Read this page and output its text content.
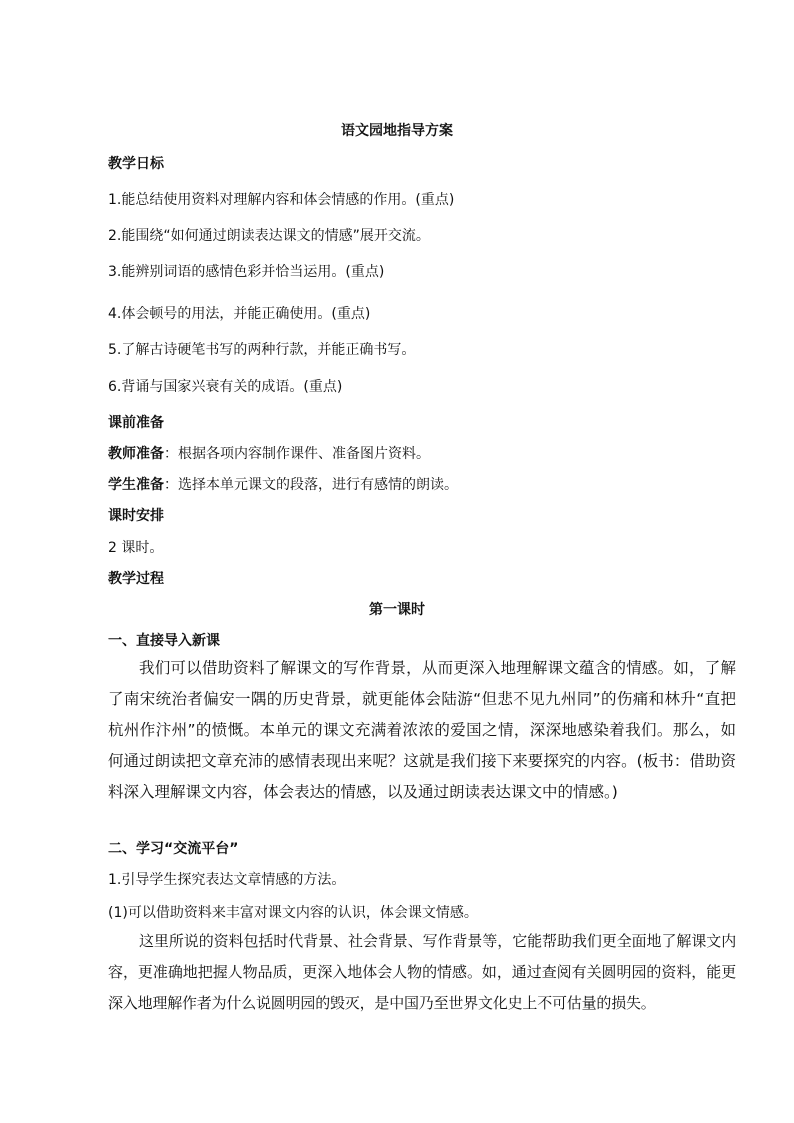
语文园地指导方案
教学日标
1.能总结使用资料对理解内容和体会情感的作用。(重点)
2.能围绕“如何通过朗读表达课文的情感”展开交流。
3.能辨别词语的感情色彩并恰当运用。(重点)
4.体会顿号的用法，并能正确使用。(重点)
5.了解古诗硬笔书写的两种行款，并能正确书写。
6.背诵与国家兴衰有关的成语。(重点)
课前准备
教师准备：根据各项内容制作课件、准备图片资料。
学生准备：选择本单元课文的段落，进行有感情的朗读。
课时安排
2 课时。
教学过程
第一课时
一、直接导入新课

我们可以借助资料了解课文的写作背景，从而更深入地理解课文蕴含的情感。如，了解了南宋统治者偏安一隅的历史背景，就更能体会陆游“但悲不见九州同”的伤痛和林升“直把杭州作汴州”的愤慨。本单元的课文充满着浓浓的爱国之情，深深地感染着我们。那么，如何通过朗读把文章充沛的感情表现出来呢？这就是我们接下来要探究的内容。(板书：借助资料深入理解课文内容，体会表达的情感，以及通过朗读表达课文中的情感。)

二、学习“交流平台”
1.引导学生探究表达文章情感的方法。
(1)可以借助资料来丰富对课文内容的认识，体会课文情感。

这里所说的资料包括时代背景、社会背景、写作背景等，它能帮助我们更全面地了解课文内容，更准确地把握人物品质，更深入地体会人物的情感。如，通过查阅有关圆明园的资料，能更深入地理解作者为什么说圆明园的毁灭，是中国乃至世界文化史上不可估量的损失。
